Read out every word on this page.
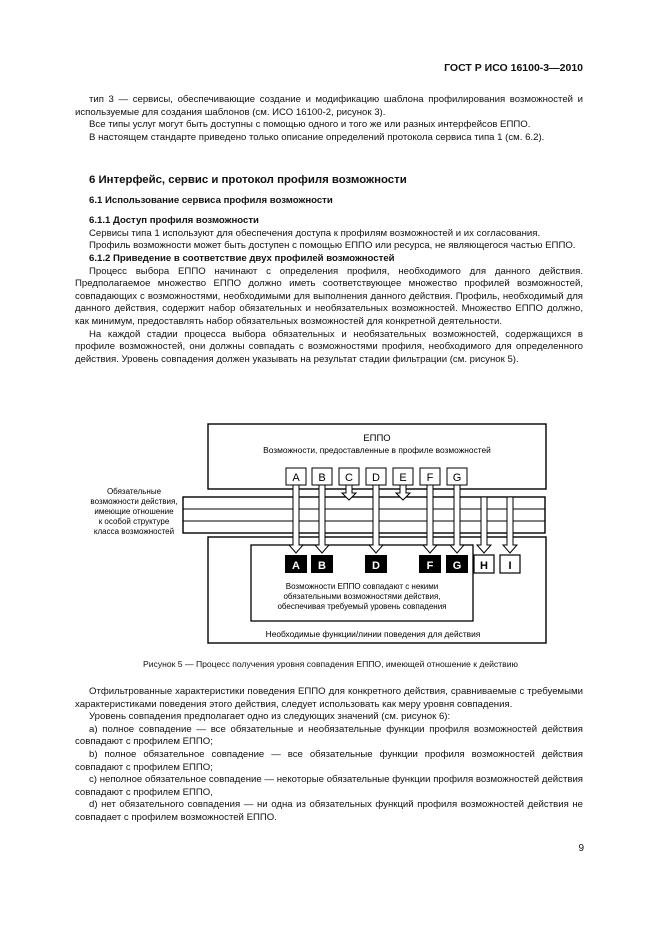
ГОСТ Р ИСО 16100-3—2010

тип 3 — сервисы, обеспечивающие создание и модификацию шаблона профилирования возможностей и используемые для создания шаблонов (см. ИСО 16100-2, рисунок 3).

Все типы услуг могут быть доступны с помощью одного и того же или разных интерфейсов ЕППО.

В настоящем стандарте приведено только описание определений протокола сервиса типа 1 (см. 6.2).

6 Интерфейс, сервис и протокол профиля возможности

6.1 Использование сервиса профиля возможности

6.1.1 Доступ профиля возможности

Сервисы типа 1 используют для обеспечения доступа к профилям возможностей и их согласования.

Профиль возможности может быть доступен с помощью ЕППО или ресурса, не являющегося частью ЕППО.

6.1.2 Приведение в соответствие двух профилей возможностей

Процесс выбора ЕППО начинают с определения профиля, необходимого для данного действия. Предполагаемое множество ЕППО должно иметь соответствующее множество профилей возможностей, совпадающих с возможностями, необходимыми для выполнения данного действия. Профиль, необходимый для данного действия, содержит набор обязательных и необязательных возможностей. Множество ЕППО должно, как минимум, предоставлять набор обязательных возможностей для конкретной деятельности.

На каждой стадии процесса выбора обязательных и необязательных возможностей, содержащихся в профиле возможностей, они должны совпадать с возможностями профиля, необходимого для определенного действия. Уровень совпадения должен указывать на результат стадии фильтрации (см. рисунок 5).

ЕППО
Возможности, предоставленные в профиле возможностей
Необходимые функции/линии поведения для действия
Возможности ЕППО совпадают с некими
обязательными возможностями действия,
обеспечивая требуемый уровень совпадения
Обязательные
возможности действия,
имеющие отношение
к особой структуре
класса возможностей
A B C D E F G
A B	D	F G H I
Рисунок 5 — Процесс получения уровня совпадения ЕППО, имеющей отношение к действию

Отфильтрованные характеристики поведения ЕППО для конкретного действия, сравниваемые с требуемыми характеристиками поведения этого действия, следует использовать как меру уровня совпадения.

Уровень совпадения предполагает одно из следующих значений (см. рисунок 6):

a) полное совпадение — все обязательные и необязательные функции профиля возможностей действия совпадают с профилем ЕППО;

b) полное обязательное совпадение — все обязательные функции профиля возможностей действия совпадают с профилем ЕППО;

c) неполное обязательное совпадение — некоторые обязательные функции профиля возможностей действия совпадают с профилем ЕППО,

d) нет обязательного совпадения — ни одна из обязательных функций профиля возможностей действия не совпадает с профилем возможностей ЕППО.

9
